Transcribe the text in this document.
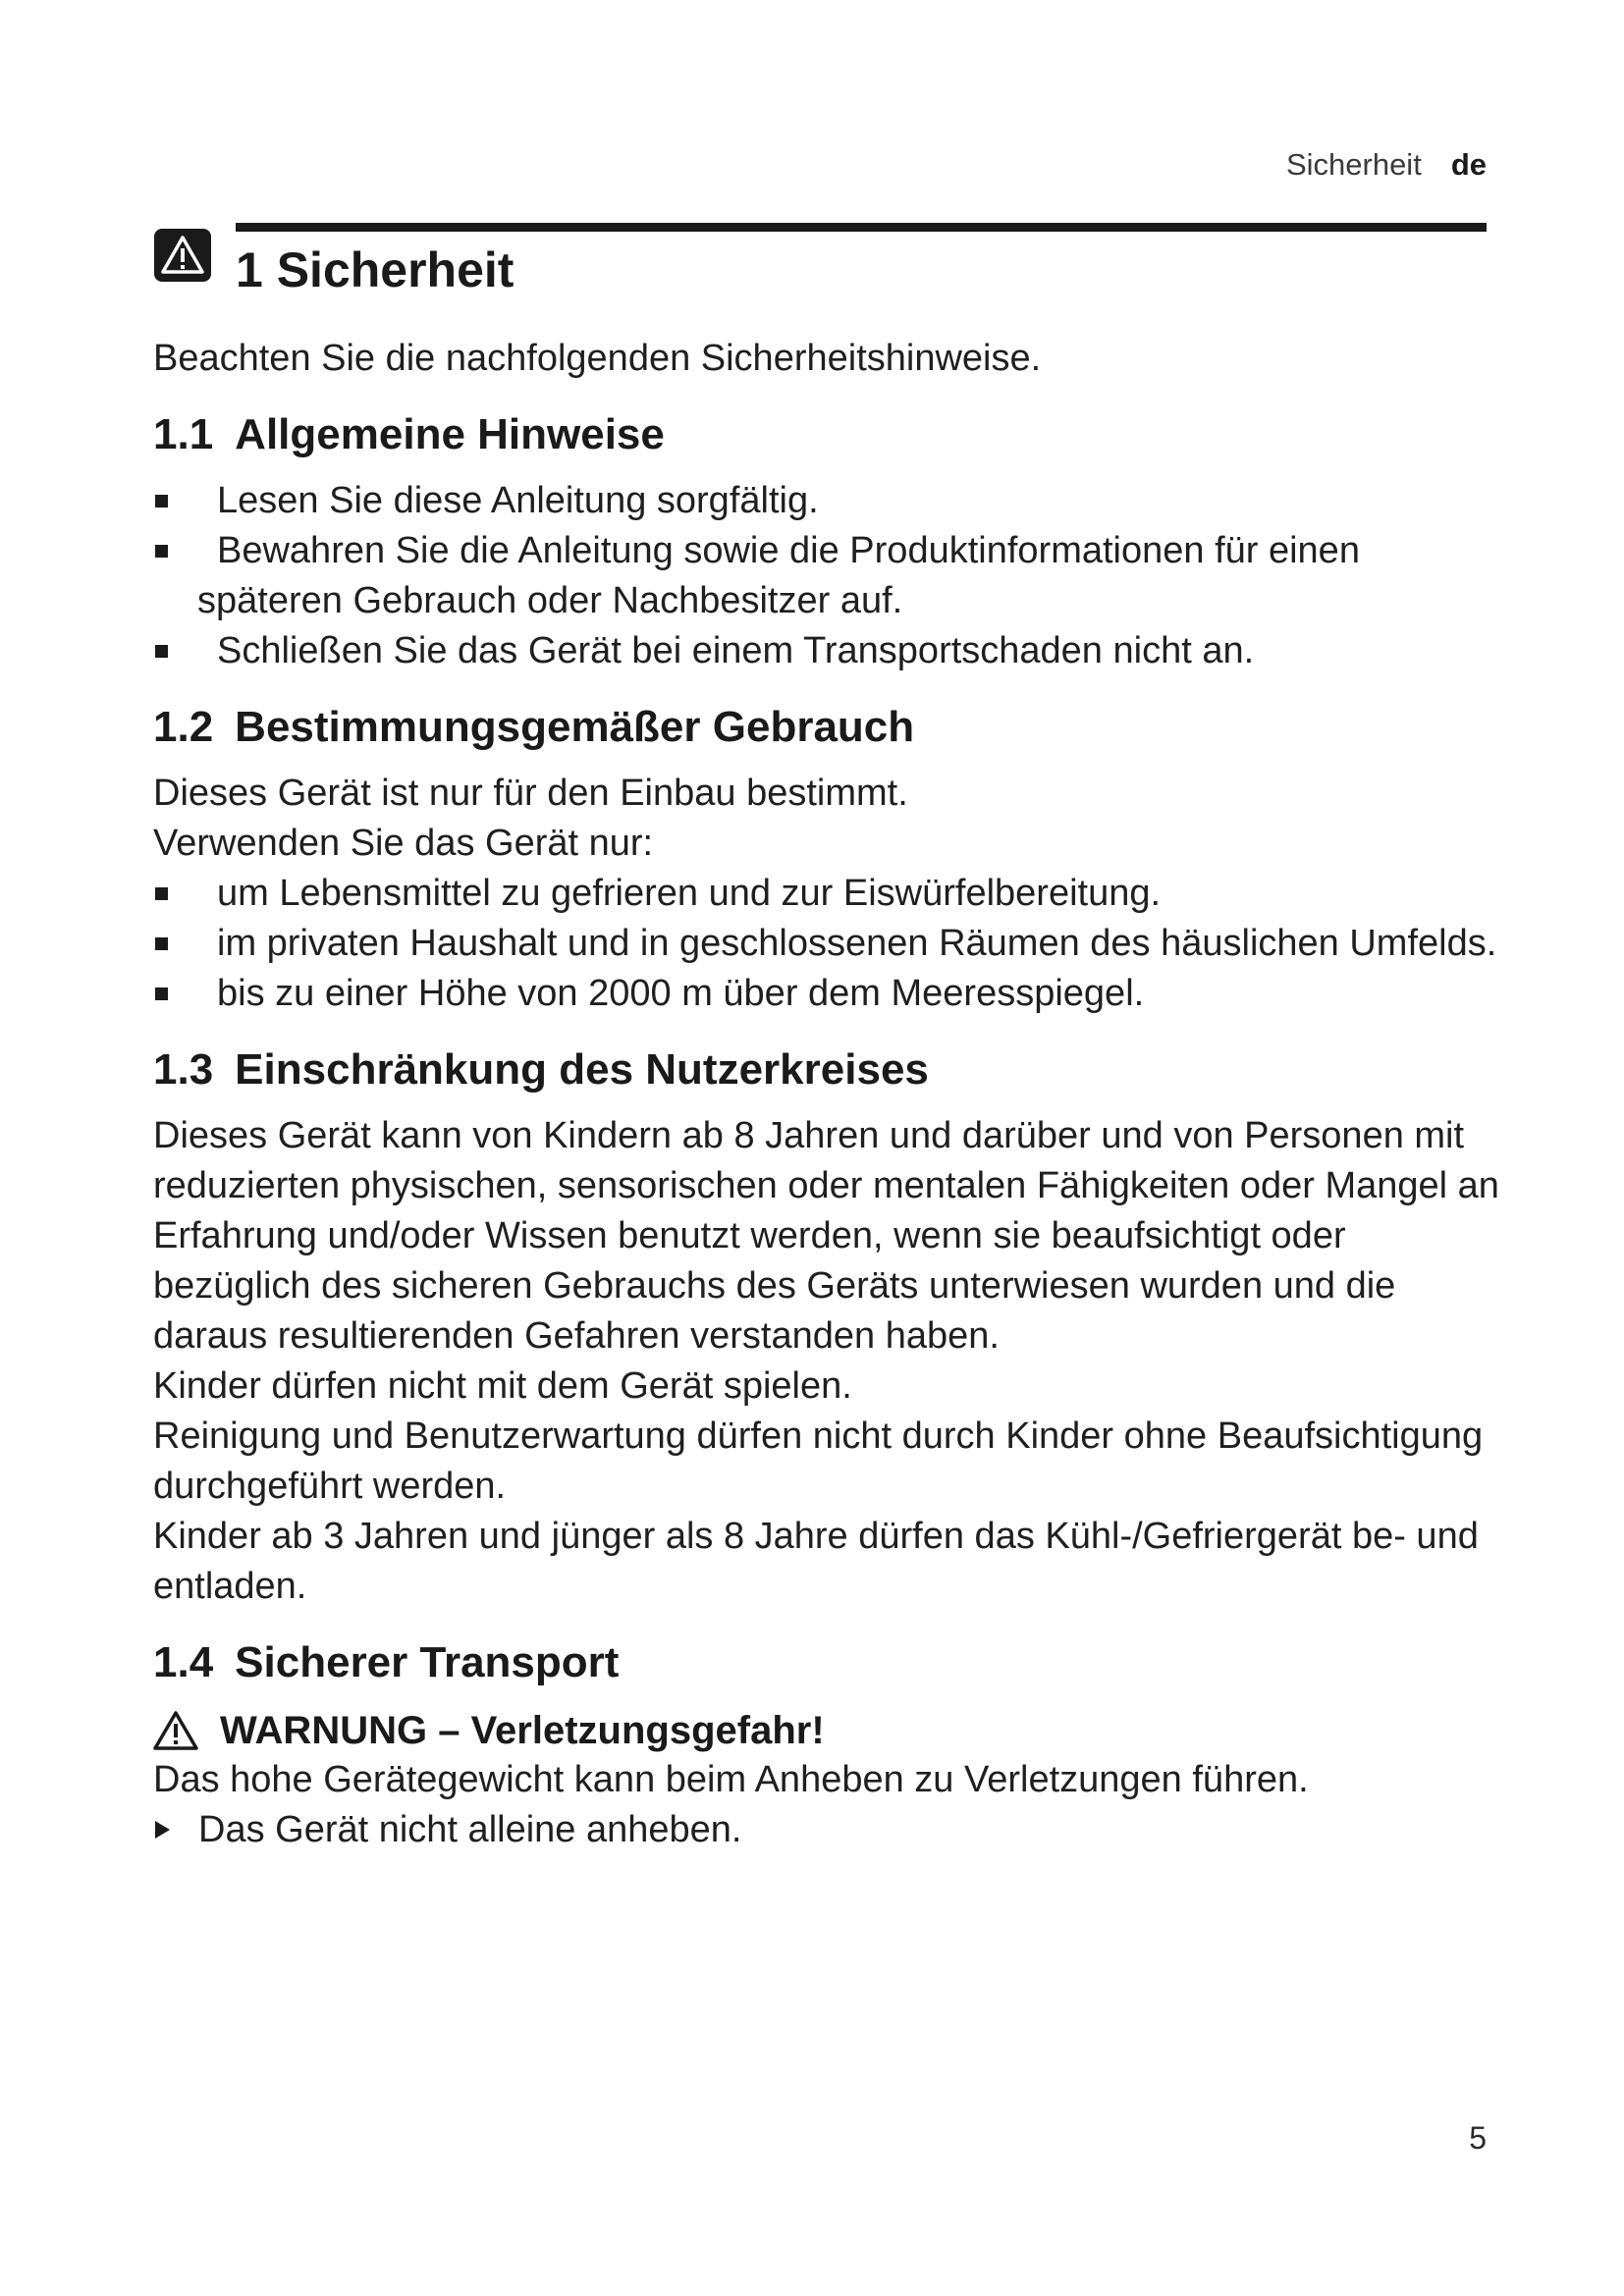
Sicherheit de
1 Sicherheit

Beachten Sie die nachfolgenden Sicherheitshinweise.

1.1 Allgemeine Hinweise
Lesen Sie diese Anleitung sorgfältig.
Bewahren Sie die Anleitung sowie die Produktinformationen für einen späteren Gebrauch oder Nachbesitzer auf.
Schließen Sie das Gerät bei einem Transportschaden nicht an.
1.2 Bestimmungsgemäßer Gebrauch

Dieses Gerät ist nur für den Einbau bestimmt.

Verwenden Sie das Gerät nur:

um Lebensmittel zu gefrieren und zur Eiswürfelbereitung.
im privaten Haushalt und in geschlossenen Räumen des häuslichen Umfelds.
bis zu einer Höhe von 2000 m über dem Meeresspiegel.
1.3 Einschränkung des Nutzerkreises

Dieses Gerät kann von Kindern ab 8 Jahren und darüber und von Personen mit reduzierten physischen, sensorischen oder mentalen Fähigkeiten oder Mangel an Erfahrung und/oder Wissen benutzt werden, wenn sie beaufsichtigt oder bezüglich des sicheren Gebrauchs des Geräts unterwiesen wurden und die daraus resultierenden Gefahren verstanden haben.

Kinder dürfen nicht mit dem Gerät spielen.

Reinigung und Benutzerwartung dürfen nicht durch Kinder ohne Beaufsichtigung durchgeführt werden.

Kinder ab 3 Jahren und jünger als 8 Jahre dürfen das Kühl-/Gefriergerät be- und entladen.

1.4 Sicherer Transport
WARNUNG – Verletzungsgefahr!

Das hohe Gerätegewicht kann beim Anheben zu Verletzungen führen.

Das Gerät nicht alleine anheben.
5
